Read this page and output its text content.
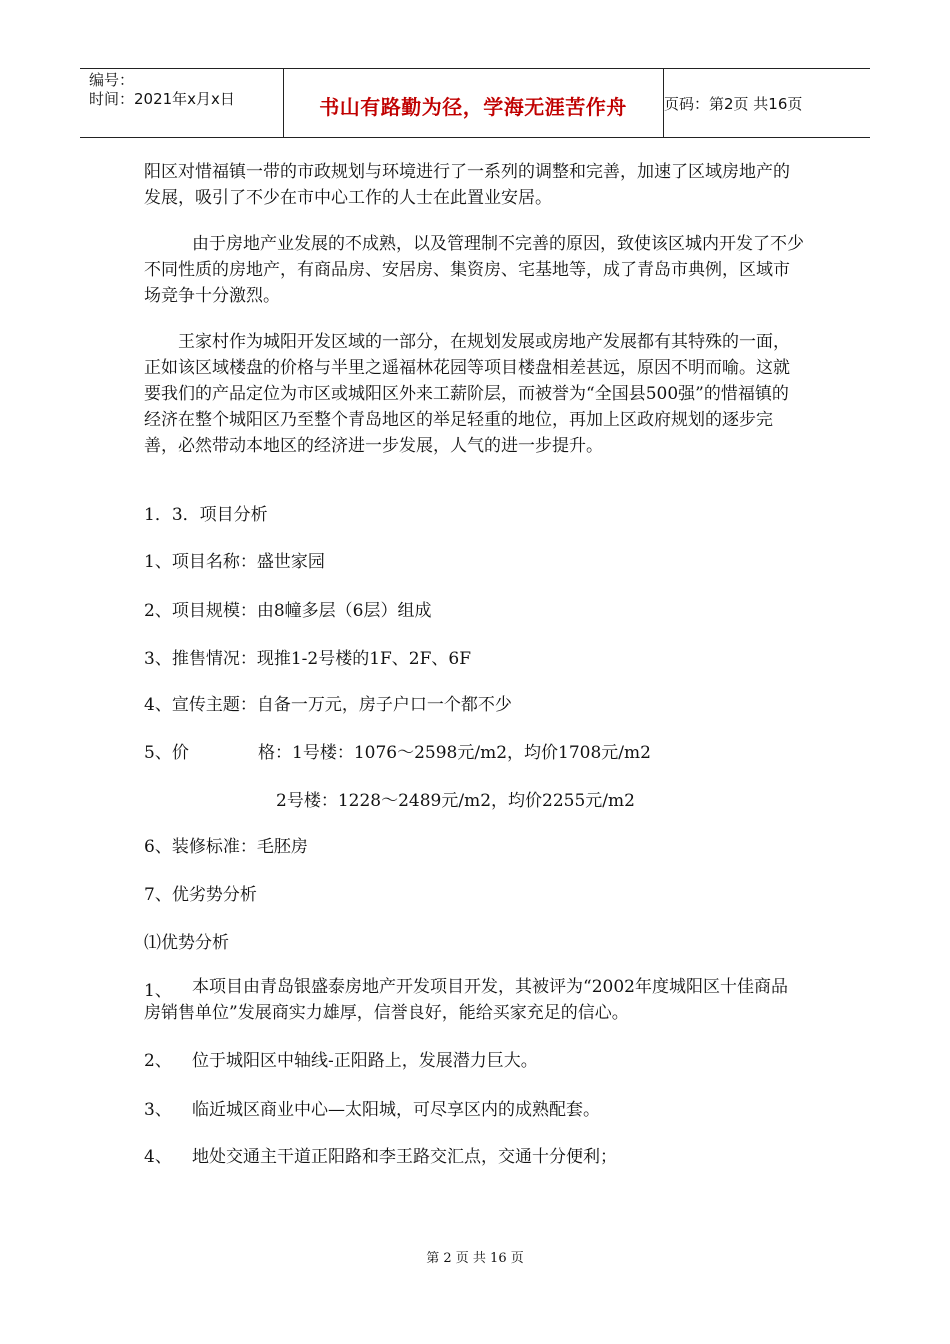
编号：
时间：2021年x月x日	书山有路勤为径，学海无涯苦作舟	页码：第2页 共16页

阳区对惜福镇一带的市政规划与环境进行了一系列的调整和完善，加速了区域房地产的发展，吸引了不少在市中心工作的人士在此置业安居。

由于房地产业发展的不成熟，以及管理制不完善的原因，致使该区城内开发了不少不同性质的房地产，有商品房、安居房、集资房、宅基地等，成了青岛市典例，区域市场竞争十分激烈。

王家村作为城阳开发区域的一部分，在规划发展或房地产发展都有其特殊的一面，正如该区域楼盘的价格与半里之遥福林花园等项目楼盘相差甚远，原因不明而喻。这就要我们的产品定位为市区或城阳区外来工薪阶层，而被誉为“全国县500强”的惜福镇的经济在整个城阳区乃至整个青岛地区的举足轻重的地位，再加上区政府规划的逐步完善，必然带动本地区的经济进一步发展，人气的进一步提升。

1．3．项目分析
1、项目名称：盛世家园
2、项目规模：由8幢多层（6层）组成
3、推售情况：现推1-2号楼的1F、2F、6F
4、宣传主题：自备一万元，房子户口一个都不少
5、价	格：1号楼：1076～2598元/m2，均价1708元/m2
2号楼：1228～2489元/m2，均价2255元/m2
6、装修标准：毛胚房
7、优劣势分析
⑴优势分析
1、	本项目由青岛银盛泰房地产开发项目开发，其被评为“2002年度城阳区十佳商品房销售单位”发展商实力雄厚，信誉良好，能给买家充足的信心。

2、 位于城阳区中轴线-正阳路上，发展潜力巨大。
3、 临近城区商业中心—太阳城，可尽享区内的成熟配套。
4、 地处交通主干道正阳路和李王路交汇点，交通十分便利；
第 2 页 共 16 页
